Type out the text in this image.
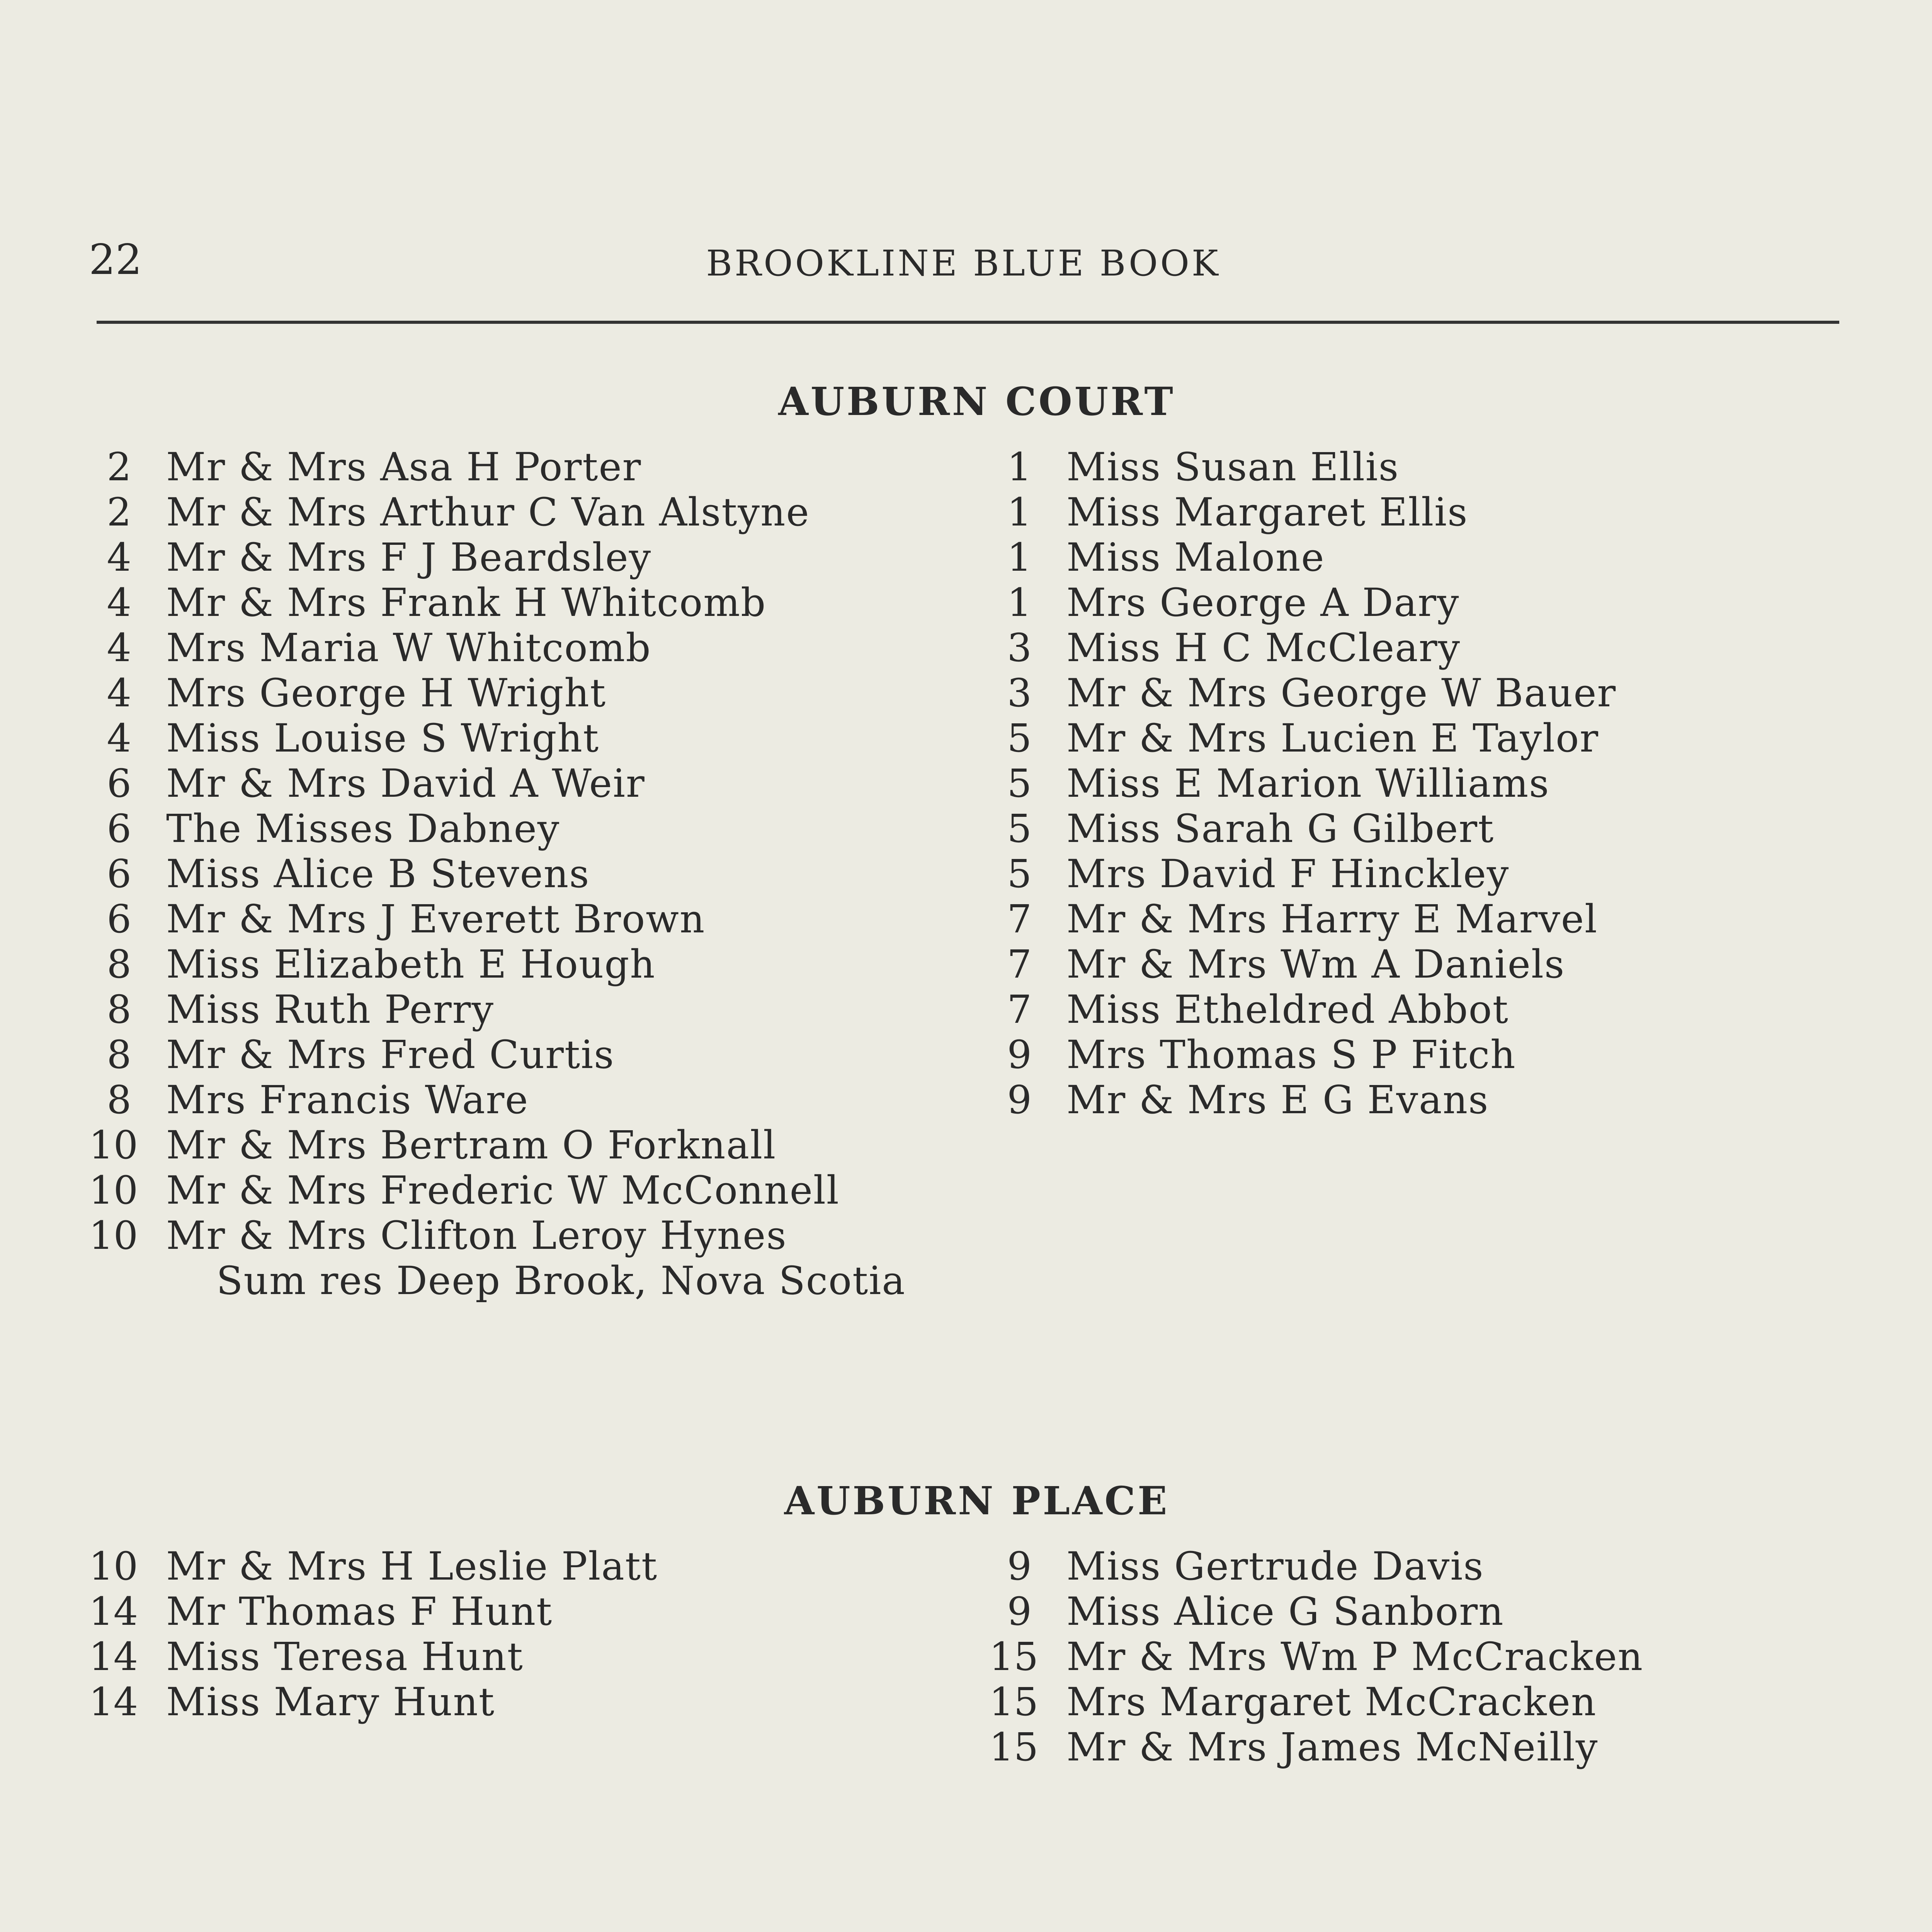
22	BROOKLINE BLUE BOOK
AUBURN COURT
2 Mr & Mrs Asa H Porter
2 Mr & Mrs Arthur C Van Alstyne
4 Mr & Mrs F J Beardsley
4 Mr & Mrs Frank H Whitcomb
4 Mrs Maria W Whitcomb
4 Mrs George H Wright
4 Miss Louise S Wright
6 Mr & Mrs David A Weir
6 The Misses Dabney
6 Miss Alice B Stevens
6 Mr & Mrs J Everett Brown
8 Miss Elizabeth E Hough
8 Miss Ruth Perry
8 Mr & Mrs Fred Curtis
8 Mrs Francis Ware
10 Mr & Mrs Bertram O Forknall
10 Mr & Mrs Frederic W McConnell
10 Mr & Mrs Clifton Leroy Hynes
Sum res Deep Brook, Nova Scotia
1 Miss Susan Ellis
1 Miss Margaret Ellis
1 Miss Malone
1 Mrs George A Dary
3 Miss H C McCleary
3 Mr & Mrs George W Bauer
5 Mr & Mrs Lucien E Taylor
5 Miss E Marion Williams
5 Miss Sarah G Gilbert
5 Mrs David F Hinckley
7 Mr & Mrs Harry E Marvel
7 Mr & Mrs Wm A Daniels
7 Miss Etheldred Abbot
9 Mrs Thomas S P Fitch
9 Mr & Mrs E G Evans
AUBURN PLACE
10 Mr & Mrs H Leslie Platt
14 Mr Thomas F Hunt
14 Miss Teresa Hunt
14 Miss Mary Hunt
9 Miss Gertrude Davis
9 Miss Alice G Sanborn
15 Mr & Mrs Wm P McCracken
15 Mrs Margaret McCracken
15 Mr & Mrs James McNeilly
